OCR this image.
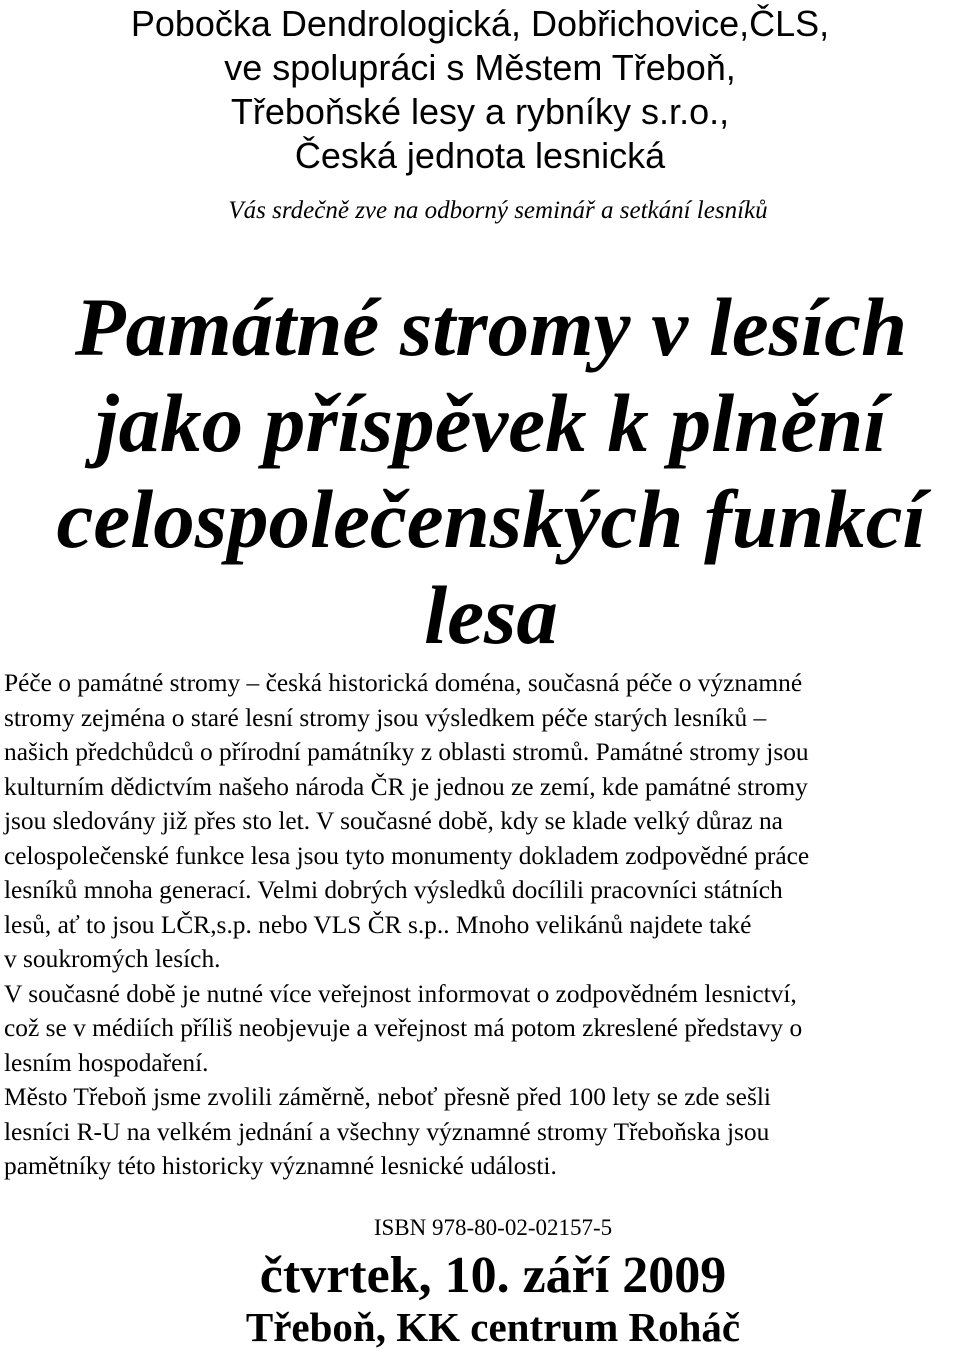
Pobočka Dendrologická, Dobřichovice,ČLS,
ve spolupráci s Městem Třeboň,
Třeboňské lesy a rybníky s.r.o.,
Česká jednota lesnická
Vás srdečně zve na odborný seminář a setkání lesníků
Památné stromy v lesích
jako příspěvek k plnění
celospolečenských funkcí
lesa
Péče o památné stromy – česká historická doména, současná péče o významné
stromy zejména o staré lesní stromy jsou výsledkem péče starých lesníků –
našich předchůdců o přírodní památníky z oblasti stromů. Památné stromy jsou
kulturním dědictvím našeho národa ČR je jednou ze zemí, kde památné stromy
jsou sledovány již přes sto let. V současné době, kdy se klade velký důraz na
celospolečenské funkce lesa jsou tyto monumenty dokladem zodpovědné práce
lesníků mnoha generací. Velmi dobrých výsledků docílili pracovníci státních
lesů, ať to jsou LČR,s.p. nebo VLS ČR s.p.. Mnoho velikánů najdete také
v soukromých lesích.
V současné době je nutné více veřejnost informovat o zodpovědném lesnictví,
což se v médiích příliš neobjevuje a veřejnost má potom zkreslené představy o
lesním hospodaření.
Město Třeboň jsme zvolili záměrně, neboť přesně před 100 lety se zde sešli
lesníci R-U na velkém jednání a všechny významné stromy Třeboňska jsou
pamětníky této historicky významné lesnické události.
ISBN 978-80-02-02157-5
čtvrtek, 10. září 2009
Třeboň, KK centrum Roháč
